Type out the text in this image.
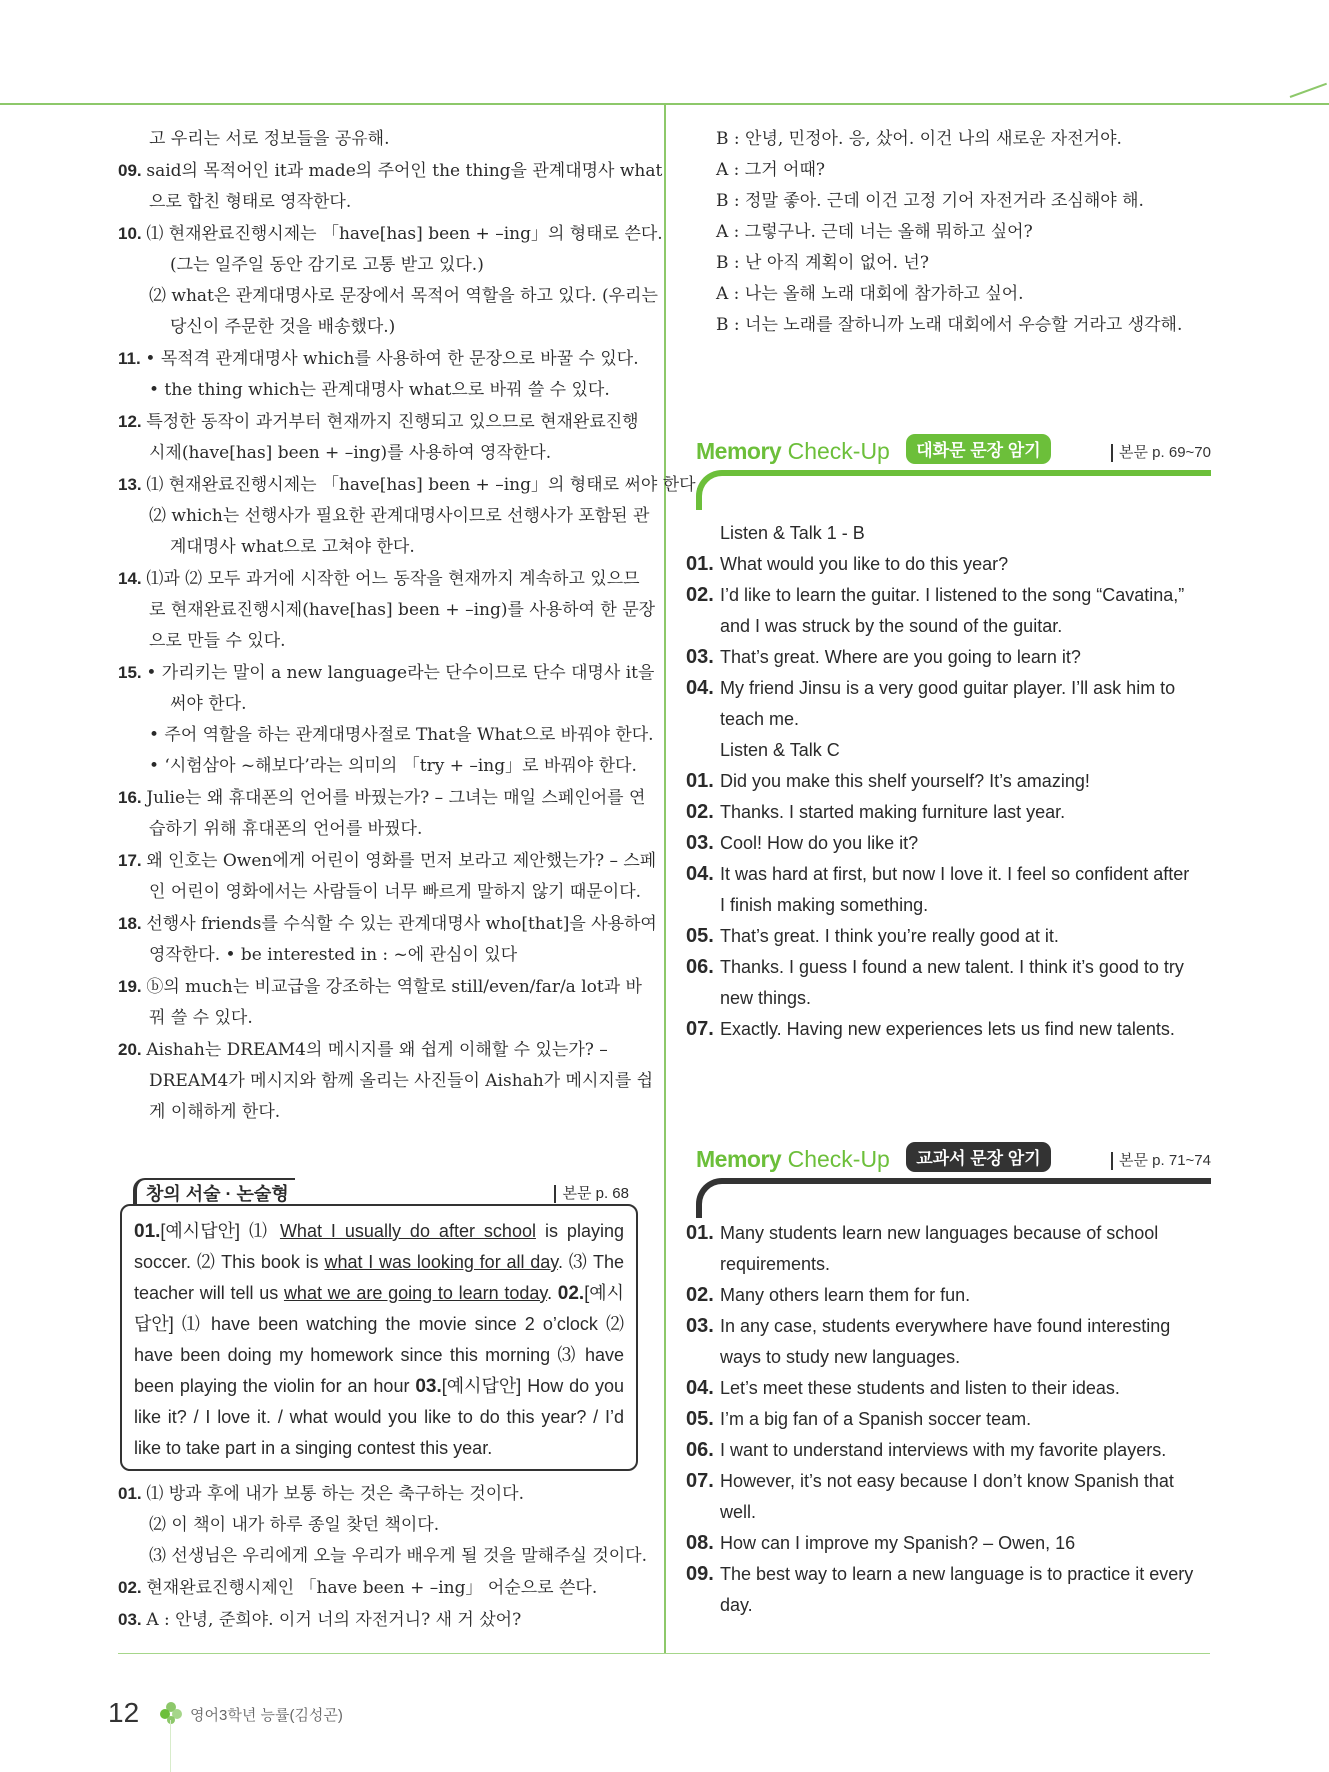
고 우리는 서로 정보들을 공유해.
09. said의 목적어인 it과 made의 주어인 the thing을 관계대명사 what
으로 합친 형태로 영작한다.
10. ⑴ 현재완료진행시제는 「have[has] been + –ing」의 형태로 쓴다.
(그는 일주일 동안 감기로 고통 받고 있다.)
⑵ what은 관계대명사로 문장에서 목적어 역할을 하고 있다. (우리는
당신이 주문한 것을 배송했다.)
11. • 목적격 관계대명사 which를 사용하여 한 문장으로 바꿀 수 있다.
• the thing which는 관계대명사 what으로 바꿔 쓸 수 있다.
12. 특정한 동작이 과거부터 현재까지 진행되고 있으므로 현재완료진행
시제(have[has] been + –ing)를 사용하여 영작한다.
13. ⑴ 현재완료진행시제는 「have[has] been + –ing」의 형태로 써야 한다.
⑵ which는 선행사가 필요한 관계대명사이므로 선행사가 포함된 관
계대명사 what으로 고쳐야 한다.
14. ⑴과 ⑵ 모두 과거에 시작한 어느 동작을 현재까지 계속하고 있으므
로 현재완료진행시제(have[has] been + –ing)를 사용하여 한 문장
으로 만들 수 있다.
15. • 가리키는 말이 a new language라는 단수이므로 단수 대명사 it을
써야 한다.
• 주어 역할을 하는 관계대명사절로 That을 What으로 바꿔야 한다.
• ‘시험삼아 ~해보다’라는 의미의 「try + –ing」로 바꿔야 한다.
16. Julie는 왜 휴대폰의 언어를 바꿨는가? – 그녀는 매일 스페인어를 연
습하기 위해 휴대폰의 언어를 바꿨다.
17. 왜 인호는 Owen에게 어린이 영화를 먼저 보라고 제안했는가? – 스페
인 어린이 영화에서는 사람들이 너무 빠르게 말하지 않기 때문이다.
18. 선행사 friends를 수식할 수 있는 관계대명사 who[that]을 사용하여
영작한다. • be interested in : ~에 관심이 있다
19. ⓑ의 much는 비교급을 강조하는 역할로 still/even/far/a lot과 바
꿔 쓸 수 있다.
20. Aishah는 DREAM4의 메시지를 왜 쉽게 이해할 수 있는가? –
DREAM4가 메시지와 함께 올리는 사진들이 Aishah가 메시지를 쉽
게 이해하게 한다.
창의 서술 · 논술형	본문 p. 68
01.[예시답안] ⑴ What I usually do after school is playing soccer. ⑵ This book is what I was looking for all day. ⑶ The teacher will tell us what we are going to learn today. 02.[예시답안] ⑴ have been watching the movie since 2 o’clock ⑵ have been doing my homework since this morning ⑶ have been playing the violin for an hour 03.[예시답안] How do you like it? / I love it. / what would you like to do this year? / I’d like to take part in a singing contest this year.
01. ⑴ 방과 후에 내가 보통 하는 것은 축구하는 것이다.
⑵ 이 책이 내가 하루 종일 찾던 책이다.
⑶ 선생님은 우리에게 오늘 우리가 배우게 될 것을 말해주실 것이다.
02. 현재완료진행시제인 「have been + –ing」 어순으로 쓴다.
03. A : 안녕, 준희야. 이거 너의 자전거니? 새 거 샀어?
B : 안녕, 민정아. 응, 샀어. 이건 나의 새로운 자전거야.
A : 그거 어때?
B : 정말 좋아. 근데 이건 고정 기어 자전거라 조심해야 해.
A : 그렇구나. 근데 너는 올해 뭐하고 싶어?
B : 난 아직 계획이 없어. 넌?
A : 나는 올해 노래 대회에 참가하고 싶어.
B : 너는 노래를 잘하니까 노래 대회에서 우승할 거라고 생각해.
Memory Check-Up 대화문 문장 암기	본문 p. 69~70
Listen & Talk 1 - B
01. What would you like to do this year?
02. I’d like to learn the guitar. I listened to the song “Cavatina,”
and I was struck by the sound of the guitar.
03. That’s great. Where are you going to learn it?
04. My friend Jinsu is a very good guitar player. I’ll ask him to
teach me.
Listen & Talk C
01. Did you make this shelf yourself? It’s amazing!
02. Thanks. I started making furniture last year.
03. Cool! How do you like it?
04. It was hard at first, but now I love it. I feel so confident after
I finish making something.
05. That’s great. I think you’re really good at it.
06. Thanks. I guess I found a new talent. I think it’s good to try
new things.
07. Exactly. Having new experiences lets us find new talents.
Memory Check-Up 교과서 문장 암기	본문 p. 71~74
01. Many students learn new languages because of school
requirements.
02. Many others learn them for fun.
03. In any case, students everywhere have found interesting
ways to study new languages.
04. Let’s meet these students and listen to their ideas.
05. I’m a big fan of a Spanish soccer team.
06. I want to understand interviews with my favorite players.
07. However, it’s not easy because I don’t know Spanish that
well.
08. How can I improve my Spanish? – Owen, 16
09. The best way to learn a new language is to practice it every
day.
12	영어3학년 능률(김성곤)
